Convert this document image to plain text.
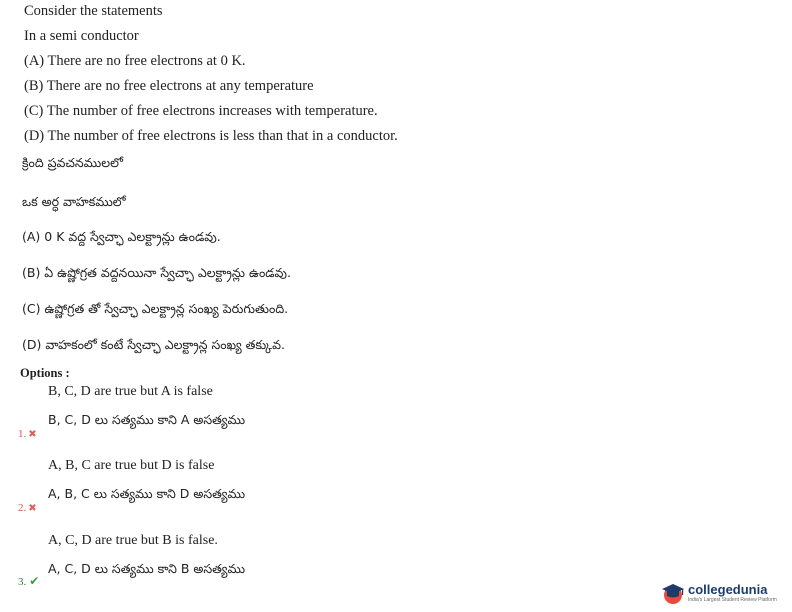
Consider the statements
In a semi conductor
(A) There are no free electrons at 0 K.
(B) There are no free electrons at any temperature
(C) The number of free electrons increases with temperature.
(D) The number of free electrons is less than that in a conductor.
క్రింది ప్రవచనములలో
ఒక అర్ధ వాహకములో
(A) 0 K వద్ద స్వేచ్ఛా ఎలక్ట్రాన్లు ఉండవు.
(B) ఏ ఉష్ణోగ్రత వద్దనయినా స్వేచ్ఛా ఎలక్ట్రాన్లు ఉండవు.
(C) ఉష్ణోగ్రత తో స్వేచ్ఛా ఎలక్ట్రాన్ల సంఖ్య పెరుగుతుంది.
(D) వాహకంలో కంటే స్వేచ్ఛా ఎలక్ట్రాన్ల సంఖ్య తక్కువ.
Options :
B, C, D are true but A is false
B, C, D లు సత్యము కాని A అసత్యము
1. ✖
A, B, C are true but D is false
A, B, C లు సత్యము కాని D అసత్యము
2. ✖
A, C, D are true but B is false.
A, C, D లు సత్యము కాని B అసత్యము
3. ✔
collegedunia
India's Largest Student Review Platform
